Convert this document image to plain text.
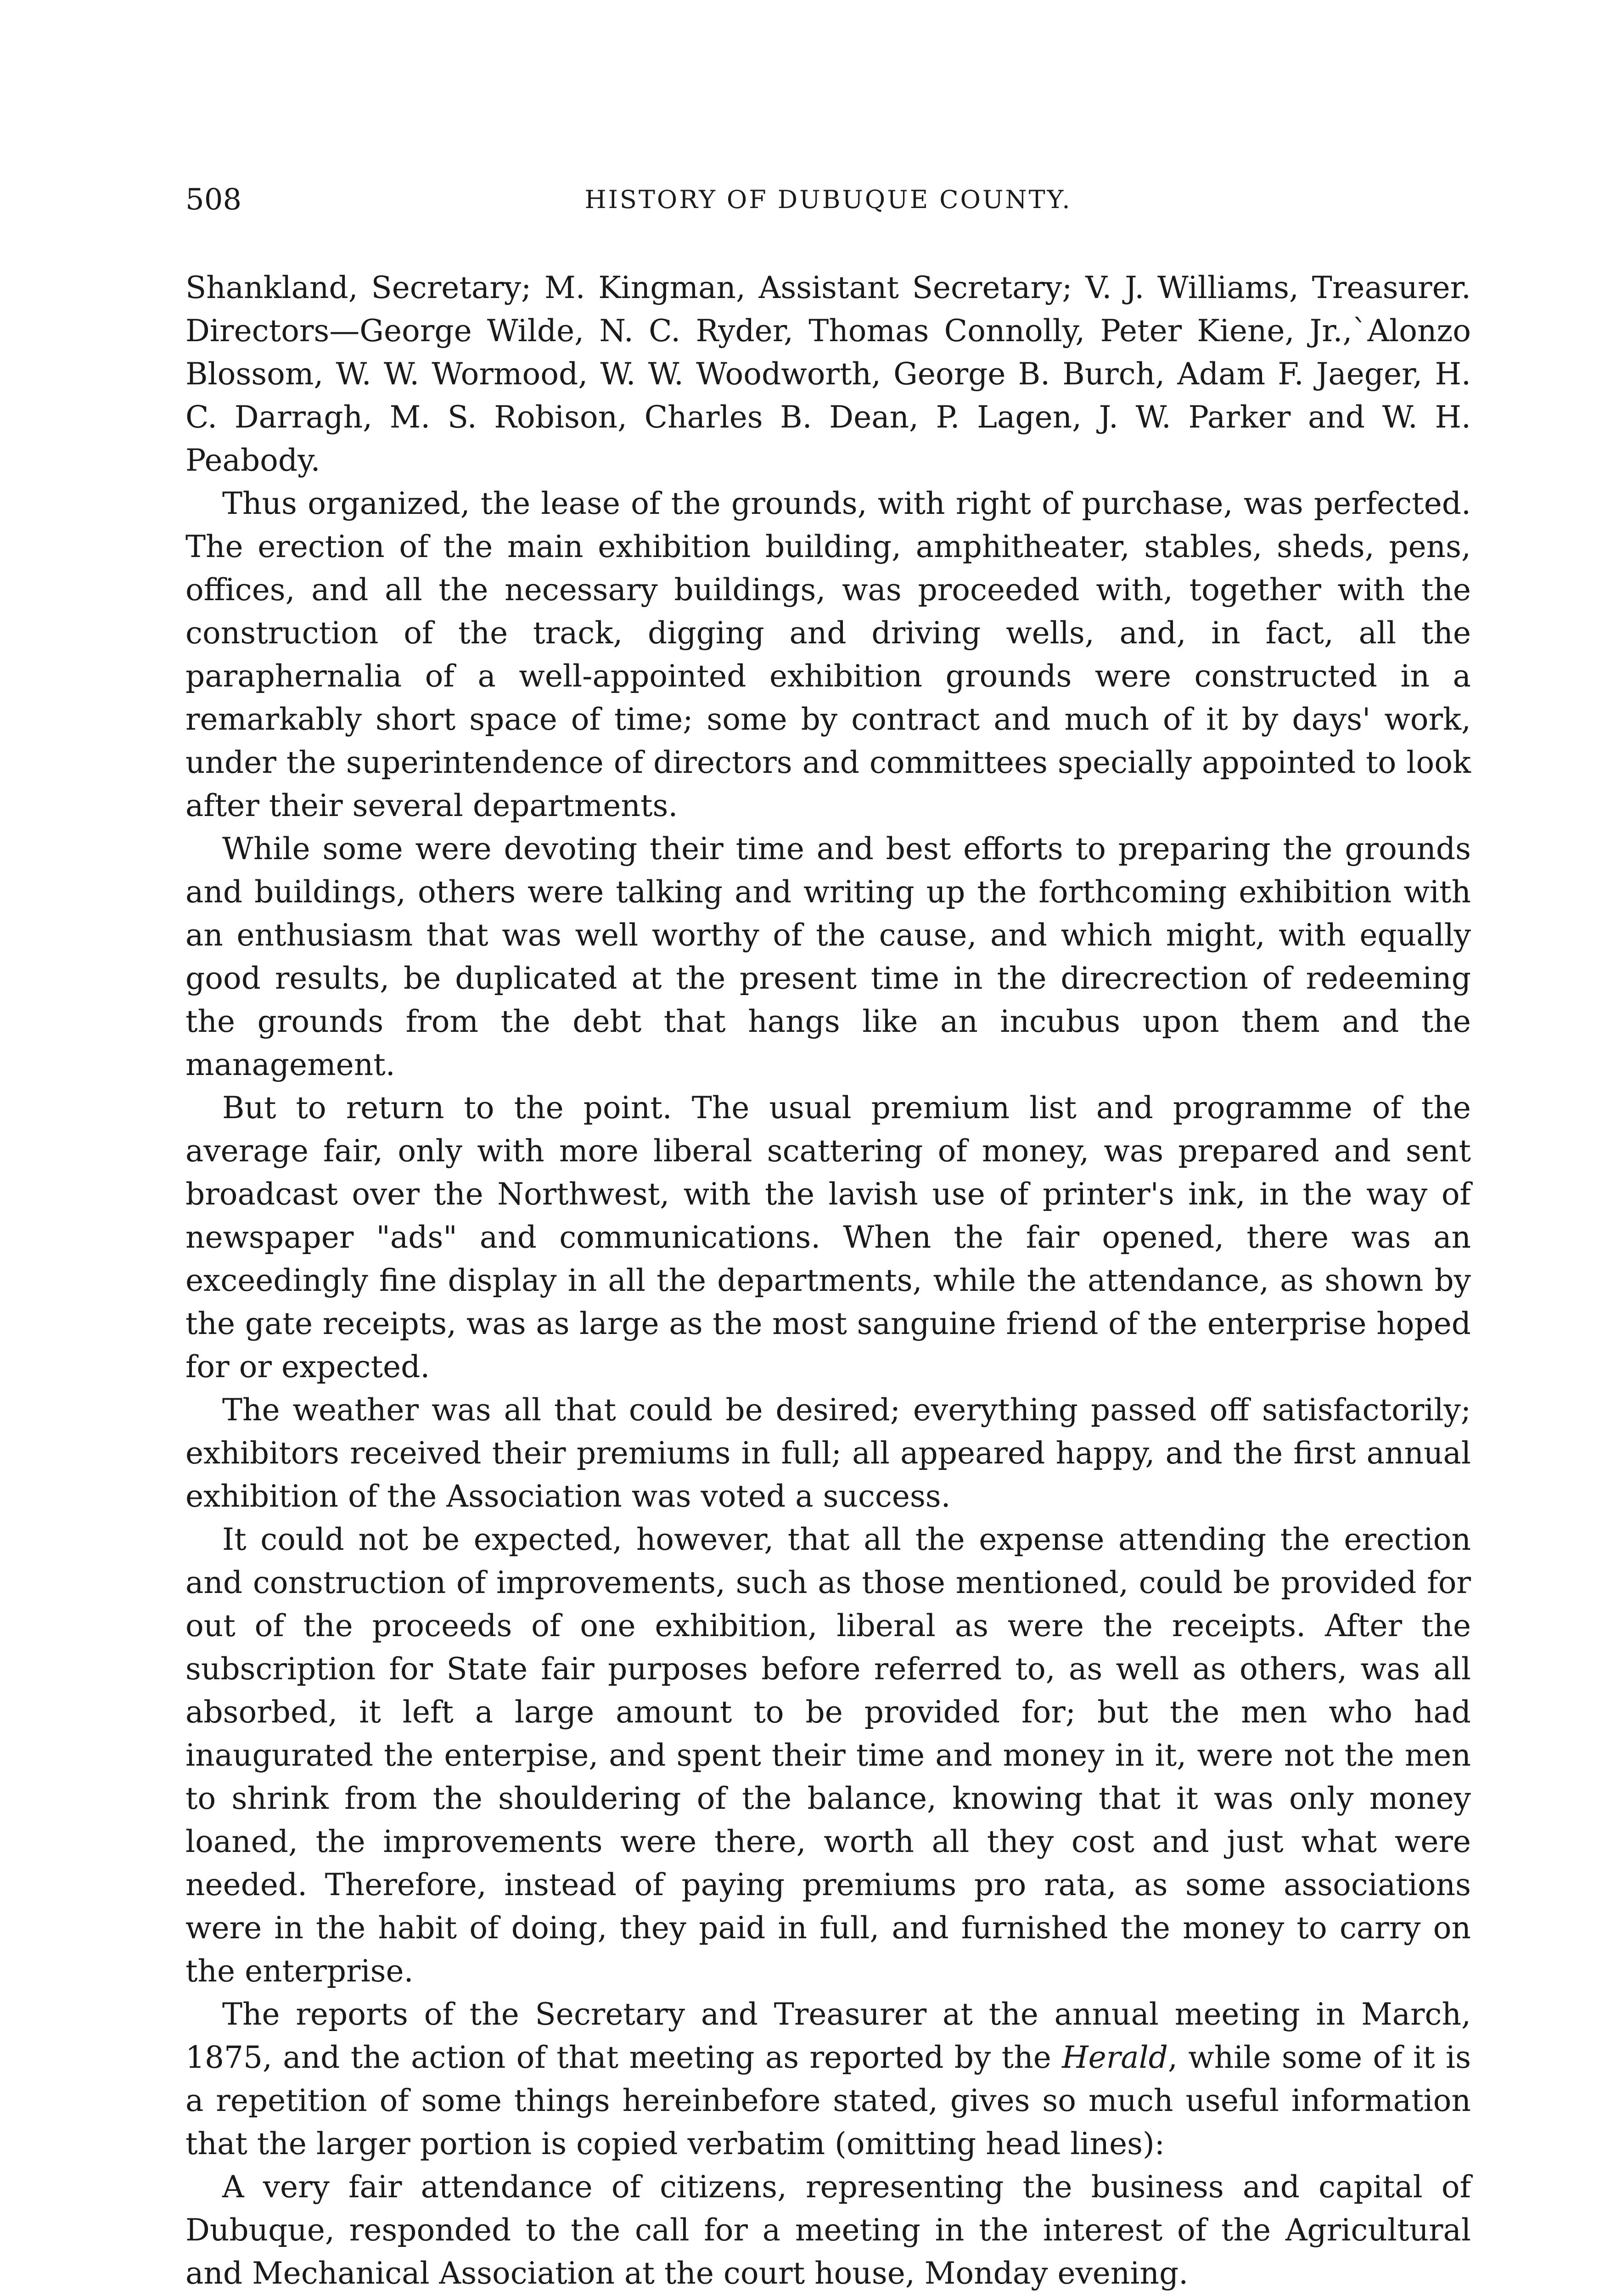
508	HISTORY OF DUBUQUE COUNTY.

Shankland, Secretary; M. Kingman, Assistant Secretary; V. J. Williams, Treasurer. Directors—George Wilde, N. C. Ryder, Thomas Connolly, Peter Kiene, Jr.,`Alonzo Blossom, W. W. Wormood, W. W. Woodworth, George B. Burch, Adam F. Jaeger, H. C. Darragh, M. S. Robison, Charles B. Dean, P. Lagen, J. W. Parker and W. H. Peabody.

Thus organized, the lease of the grounds, with right of purchase, was perfected. The erection of the main exhibition building, amphitheater, stables, sheds, pens, offices, and all the necessary buildings, was proceeded with, together with the construction of the track, digging and driving wells, and, in fact, all the paraphernalia of a well-appointed exhibition grounds were constructed in a remarkably short space of time; some by contract and much of it by days' work, under the superintendence of directors and committees specially appointed to look after their several departments.

While some were devoting their time and best efforts to preparing the grounds and buildings, others were talking and writing up the forthcoming exhibition with an enthusiasm that was well worthy of the cause, and which might, with equally good results, be duplicated at the present time in the direcrection of redeeming the grounds from the debt that hangs like an incubus upon them and the management.

But to return to the point. The usual premium list and programme of the average fair, only with more liberal scattering of money, was prepared and sent broadcast over the Northwest, with the lavish use of printer's ink, in the way of newspaper "ads" and communications. When the fair opened, there was an exceedingly fine display in all the departments, while the attendance, as shown by the gate receipts, was as large as the most sanguine friend of the enterprise hoped for or expected.

The weather was all that could be desired; everything passed off satisfactorily; exhibitors received their premiums in full; all appeared happy, and the first annual exhibition of the Association was voted a success.

It could not be expected, however, that all the expense attending the erection and construction of improvements, such as those mentioned, could be provided for out of the proceeds of one exhibition, liberal as were the receipts. After the subscription for State fair purposes before referred to, as well as others, was all absorbed, it left a large amount to be provided for; but the men who had inaugurated the enterpise, and spent their time and money in it, were not the men to shrink from the shouldering of the balance, knowing that it was only money loaned, the improvements were there, worth all they cost and just what were needed. Therefore, instead of paying premiums pro rata, as some associations were in the habit of doing, they paid in full, and furnished the money to carry on the enterprise.

The reports of the Secretary and Treasurer at the annual meeting in March, 1875, and the action of that meeting as reported by the Herald, while some of it is a repetition of some things hereinbefore stated, gives so much useful information that the larger portion is copied verbatim (omitting head lines):

A very fair attendance of citizens, representing the business and capital of Dubuque, responded to the call for a meeting in the interest of the Agricultural and Mechanical Association at the court house, Monday evening.
